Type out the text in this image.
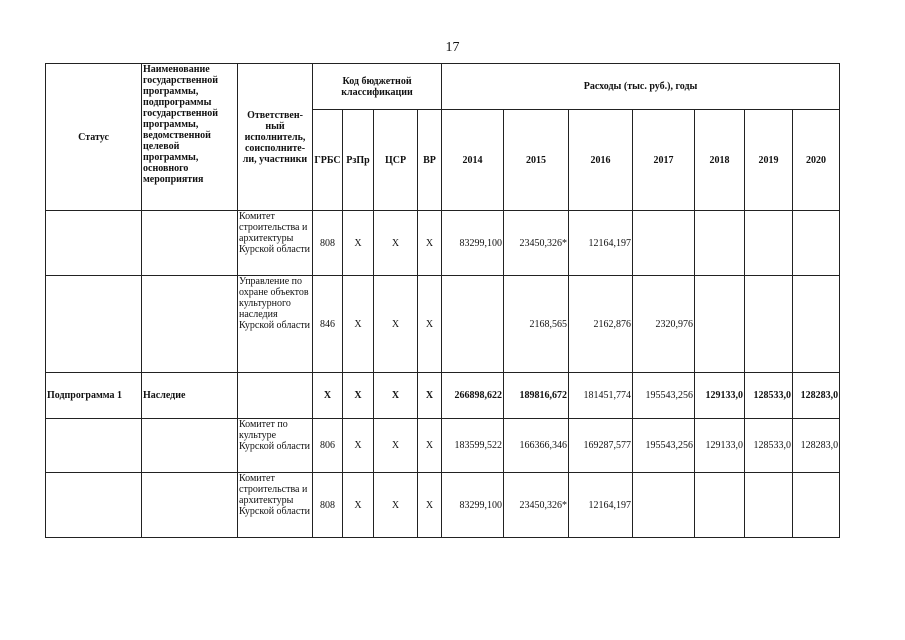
17
Статус	Наименование государственной программы, подпрограммы государственной программы, ведомственной целевой программы, основного мероприятия	Ответствен-ный исполнитель, соисполните-ли, участники	Код бюджетной классификации				Расходы (тыс. руб.), годы						
			ГРБС	РзПр	ЦСР	ВР	2014	2015	2016	2017	2018	2019	2020
		Комитет строительства и архитектуры Курской области	808	X	X	X	83299,100	23450,326*	12164,197				
		Управление по охране объектов культурного наследия Курской области	846	X	X	X		2168,565	2162,876	2320,976			
Подпрограмма 1	Наследие		X	X	X	X	266898,622	189816,672	181451,774	195543,256	129133,0	128533,0	128283,0
		Комитет по культуре Курской области	806	X	X	X	183599,522	166366,346	169287,577	195543,256	129133,0	128533,0	128283,0
		Комитет строительства и архитектуры Курской области	808	X	X	X	83299,100	23450,326*	12164,197				
